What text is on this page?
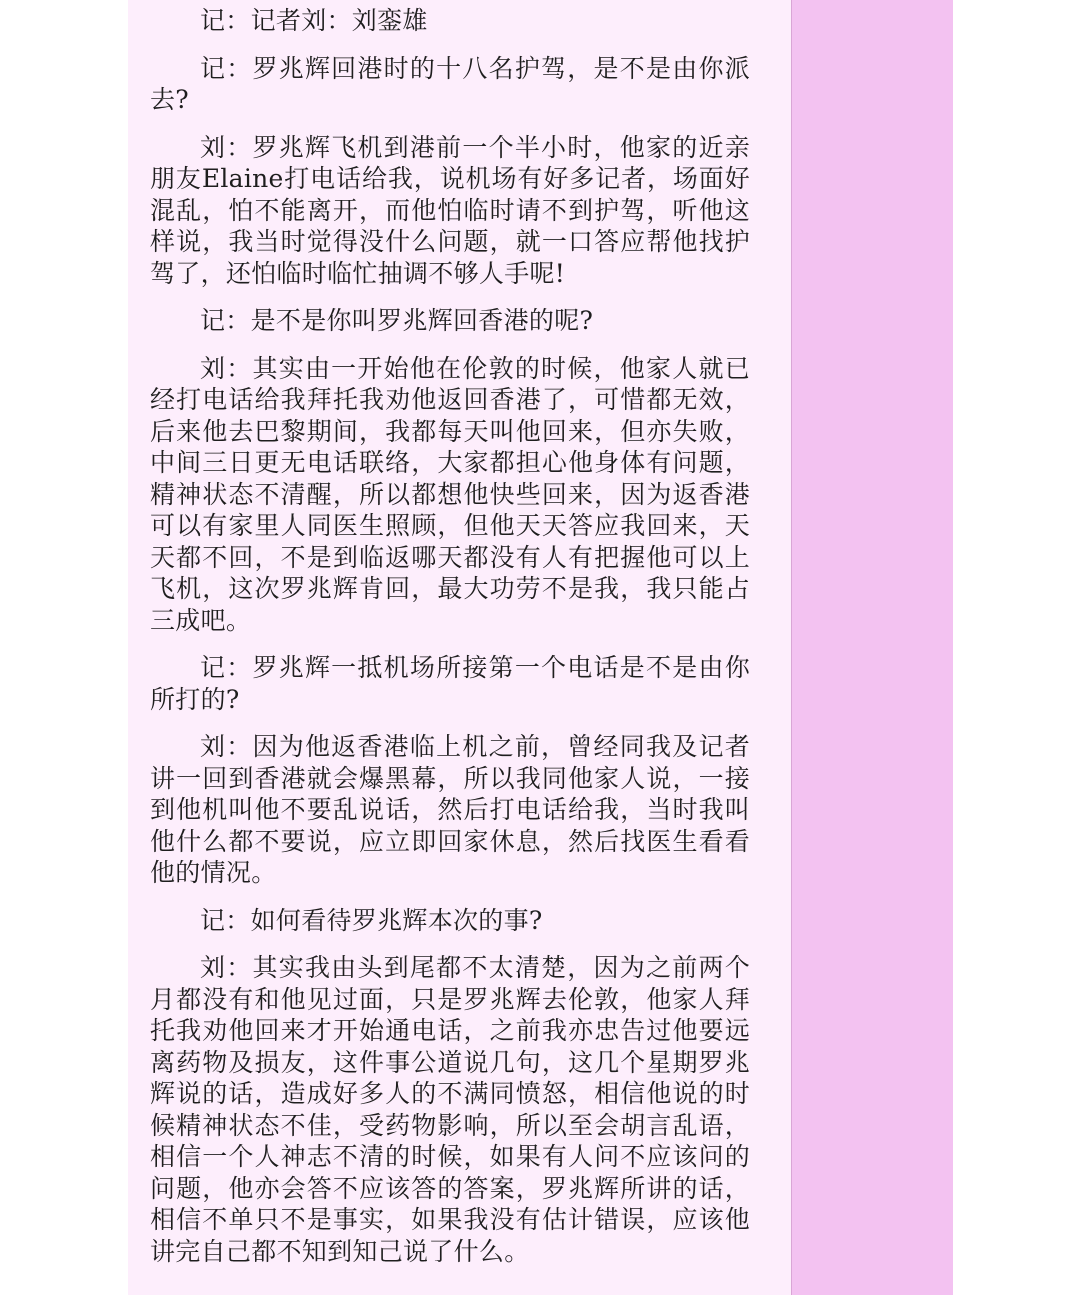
记：记者刘：刘銮雄

记：罗兆辉回港时的十八名护驾，是不是由你派去?

刘：罗兆辉飞机到港前一个半小时，他家的近亲朋友Elaine打电话给我，说机场有好多记者，场面好混乱，怕不能离开，而他怕临时请不到护驾，听他这样说，我当时觉得没什么问题，就一口答应帮他找护驾了，还怕临时临忙抽调不够人手呢!

记：是不是你叫罗兆辉回香港的呢?

刘：其实由一开始他在伦敦的时候，他家人就已经打电话给我拜托我劝他返回香港了，可惜都无效，后来他去巴黎期间，我都每天叫他回来，但亦失败，中间三日更无电话联络，大家都担心他身体有问题，精神状态不清醒，所以都想他快些回来，因为返香港可以有家里人同医生照顾，但他天天答应我回来，天天都不回，不是到临返哪天都没有人有把握他可以上飞机，这次罗兆辉肯回，最大功劳不是我，我只能占三成吧。

记：罗兆辉一抵机场所接第一个电话是不是由你所打的?

刘：因为他返香港临上机之前，曾经同我及记者讲一回到香港就会爆黑幕，所以我同他家人说，一接到他机叫他不要乱说话，然后打电话给我，当时我叫他什么都不要说，应立即回家休息，然后找医生看看他的情况。

记：如何看待罗兆辉本次的事?

刘：其实我由头到尾都不太清楚，因为之前两个月都没有和他见过面，只是罗兆辉去伦敦，他家人拜托我劝他回来才开始通电话，之前我亦忠告过他要远离药物及损友，这件事公道说几句，这几个星期罗兆辉说的话，造成好多人的不满同愤怒，相信他说的时候精神状态不佳，受药物影响，所以至会胡言乱语，相信一个人神志不清的时候，如果有人问不应该问的问题，他亦会答不应该答的答案，罗兆辉所讲的话，相信不单只不是事实，如果我没有估计错误，应该他讲完自己都不知到知己说了什么。
